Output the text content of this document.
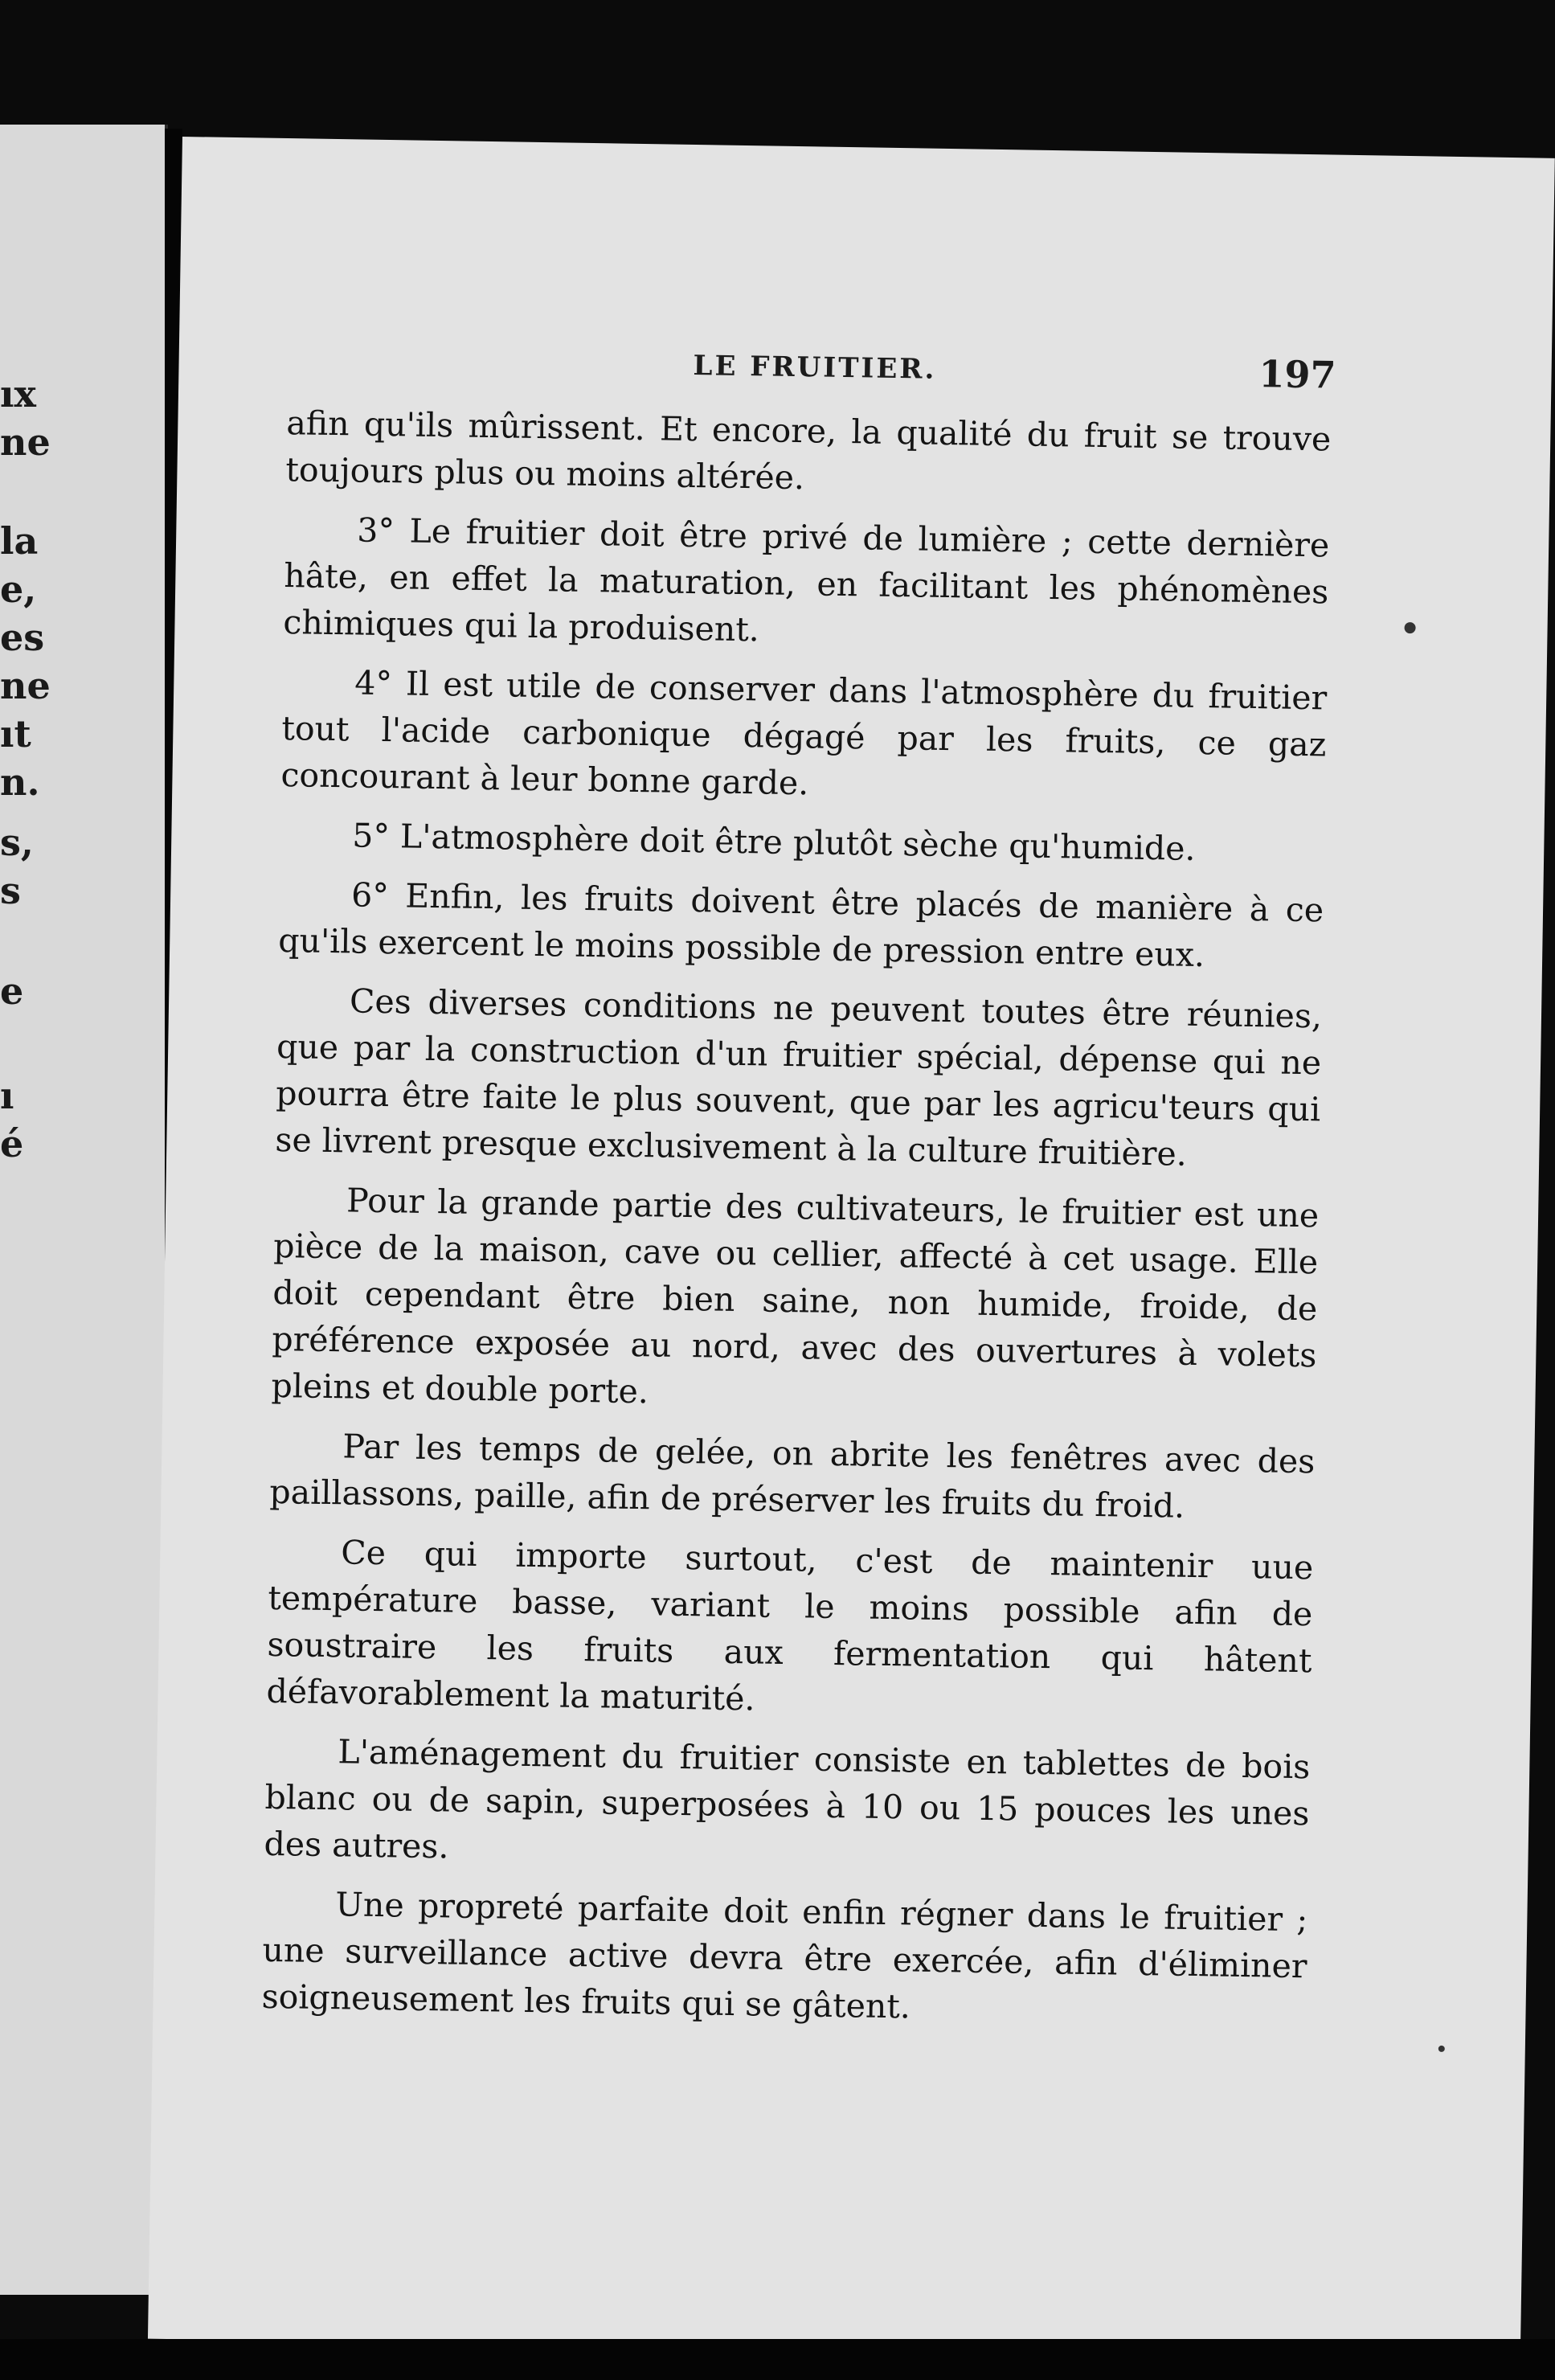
ıx
ne
la
e,
es
ne
ıt
n.
s,
s
e
ı
é
LE FRUITIER.	197

afin qu'ils mûrissent. Et encore, la qualité du fruit se trouve toujours plus ou moins altérée.

3° Le fruitier doit être privé de lumière ; cette dernière hâte, en effet la maturation, en facilitant les phénomènes chimiques qui la produisent.

4° Il est utile de conserver dans l'atmosphère du fruitier tout l'acide carbonique dégagé par les fruits, ce gaz concourant à leur bonne garde.

5° L'atmosphère doit être plutôt sèche qu'humide.

6° Enfin, les fruits doivent être placés de manière à ce qu'ils exercent le moins possible de pression entre eux.

Ces diverses conditions ne peuvent toutes être réunies, que par la construction d'un fruitier spécial, dépense qui ne pourra être faite le plus souvent, que par les agricu'teurs qui se livrent presque exclusivement à la culture fruitière.

Pour la grande partie des cultivateurs, le fruitier est une pièce de la maison, cave ou cellier, affecté à cet usage. Elle doit cependant être bien saine, non humide, froide, de préférence exposée au nord, avec des ouvertures à volets pleins et double porte.

Par les temps de gelée, on abrite les fenêtres avec des paillassons, paille, afin de préserver les fruits du froid.

Ce qui importe surtout, c'est de maintenir uue température basse, variant le moins possible afin de soustraire les fruits aux fermentation qui hâtent défavorablement la maturité.

L'aménagement du fruitier consiste en tablettes de bois blanc ou de sapin, superposées à 10 ou 15 pouces les unes des autres.

Une propreté parfaite doit enfin régner dans le fruitier ; une surveillance active devra être exercée, afin d'éliminer soigneusement les fruits qui se gâtent.
